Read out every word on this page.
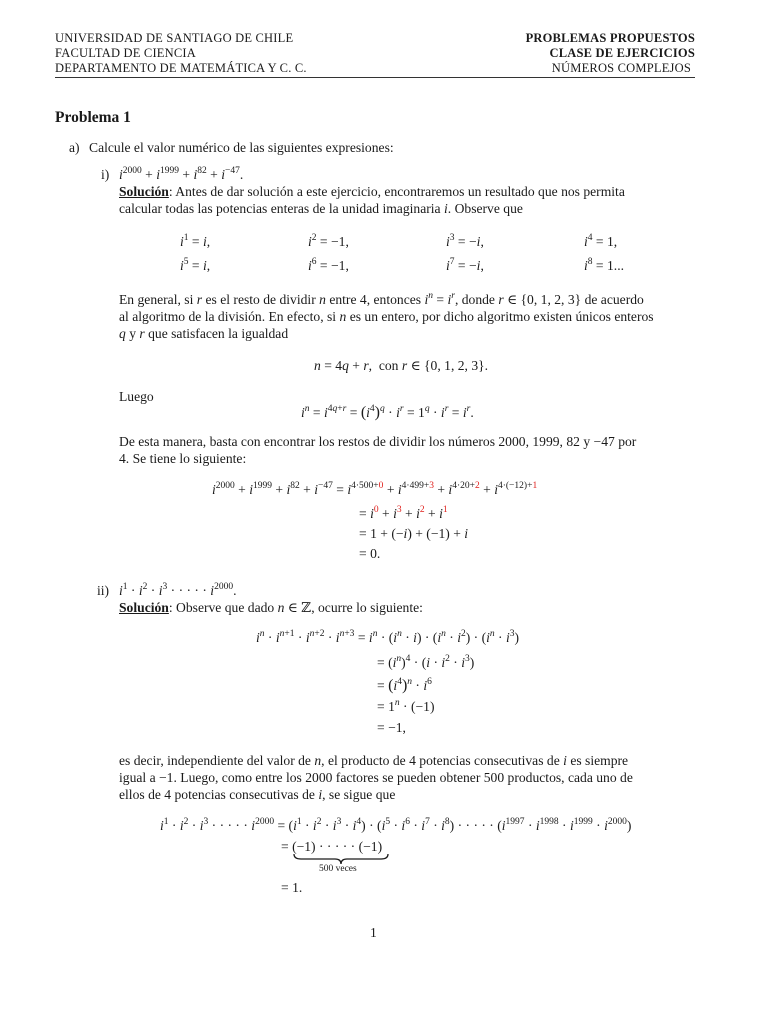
UNIVERSIDAD DE SANTIAGO DE CHILE
FACULTAD DE CIENCIA
DEPARTAMENTO DE MATEMÁTICA Y C. C.
PROBLEMAS PROPUESTOS
CLASE DE EJERCICIOS
NÚMEROS COMPLEJOS
Problema 1
a) Calcule el valor numérico de las siguientes expresiones:
i) $i^{2000} + i^{1999} + i^{82} + i^{-47}$.
Solución: Antes de dar solución a este ejercicio, encontraremos un resultado que nos permita
calcular todas las potencias enteras de la unidad imaginaria i. Observe que
$i^1 = i$,	$i^2 = -1$,	$i^3 = -i$,	$i^4 = 1$,
$i^5 = i$,	$i^6 = -1$,	$i^7 = -i$,	$i^8 = 1$...
En general, si r es el resto de dividir n entre 4, entonces $i^n = i^r$, donde r ∈ {0, 1, 2, 3} de acuerdo
al algoritmo de la división. En efecto, si n es un entero, por dicho algoritmo existen únicos enteros
q y r que satisfacen la igualdad
n = 4q + r,  con r ∈ {0, 1, 2, 3}.
Luego
$i^n = i^{4q+r} = (i^4)^q \cdot i^r = 1^q \cdot i^r = i^r$.
De esta manera, basta con encontrar los restos de dividir los números 2000, 1999, 82 y −47 por
4. Se tiene lo siguiente:
$i^{2000} + i^{1999} + i^{82} + i^{-47} = i^{4\cdot 500+0} + i^{4\cdot 499+3} + i^{4\cdot 20+2} + i^{4\cdot(-12)+1}$
= $i^0 + i^3 + i^2 + i^1$
= 1 + (−i) + (−1) + i
= 0.
ii) $i^1 \cdot i^2 \cdot i^3$ · · · · · $i^{2000}$.
Solución: Observe que dado n ∈ ℤ, ocurre lo siguiente:
$i^n \cdot i^{n+1} \cdot i^{n+2} \cdot i^{n+3} = i^n \cdot (i^n \cdot i) \cdot (i^n \cdot i^2) \cdot (i^n \cdot i^3)$
= $(i^n)^4 \cdot (i \cdot i^2 \cdot i^3)$
= $(i^4)^n \cdot i^6$
= $1^n \cdot (-1)$
= −1,
es decir, independiente del valor de n, el producto de 4 potencias consecutivas de i es siempre
igual a −1. Luego, como entre los 2000 factores se pueden obtener 500 productos, cada uno de
ellos de 4 potencias consecutivas de i, se sigue que
$i^1 \cdot i^2 \cdot i^3$ · · · · · $i^{2000} = (i^1 \cdot i^2 \cdot i^3 \cdot i^4) \cdot (i^5 \cdot i^6 \cdot i^7 \cdot i^8)$ · · · · · $(i^{1997} \cdot i^{1998} \cdot i^{1999} \cdot i^{2000})$
= (−1) · · · · · (−1)
500 veces
= 1.
1
